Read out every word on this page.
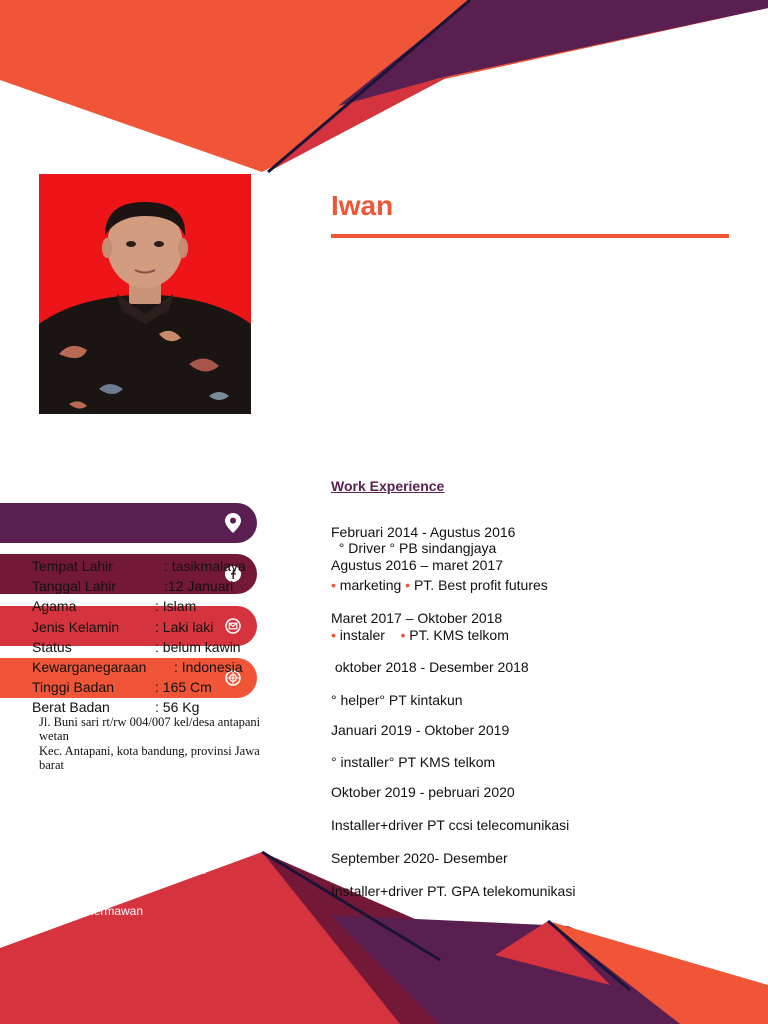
Iwan
Tempat Lahir	: tasikmalaya
Tanggal Lahir	:12 Januari
Agama	: Islam
Jenis Kelamin	: Laki laki
Status	: belum kawin
Kewarganegaraan : Indonesia
Tinggi Badan	: 165 Cm
Berat Badan	: 56 Kg

Jl. Buni sari rt/rw 004/007 kel/desa antapani wetan

Kec. Antapani, kota bandung, provinsi Jawa barat

.com
hermawan
Work Experience
Februari 2014 - Agustus 2016
° Driver ° PB sindangjaya
Agustus 2016 – maret 2017
• marketing • PT. Best profit futures
Maret 2017 – Oktober 2018
• instaler • PT. KMS telkom
oktober 2018 - Desember 2018
° helper° PT kintakun
Januari 2019 - Oktober 2019
° installer° PT KMS telkom
Oktober 2019 - pebruari 2020
Installer+driver PT ccsi telecomunikasi
September 2020- Desember
Installer+driver PT. GPA telekomunikasi
